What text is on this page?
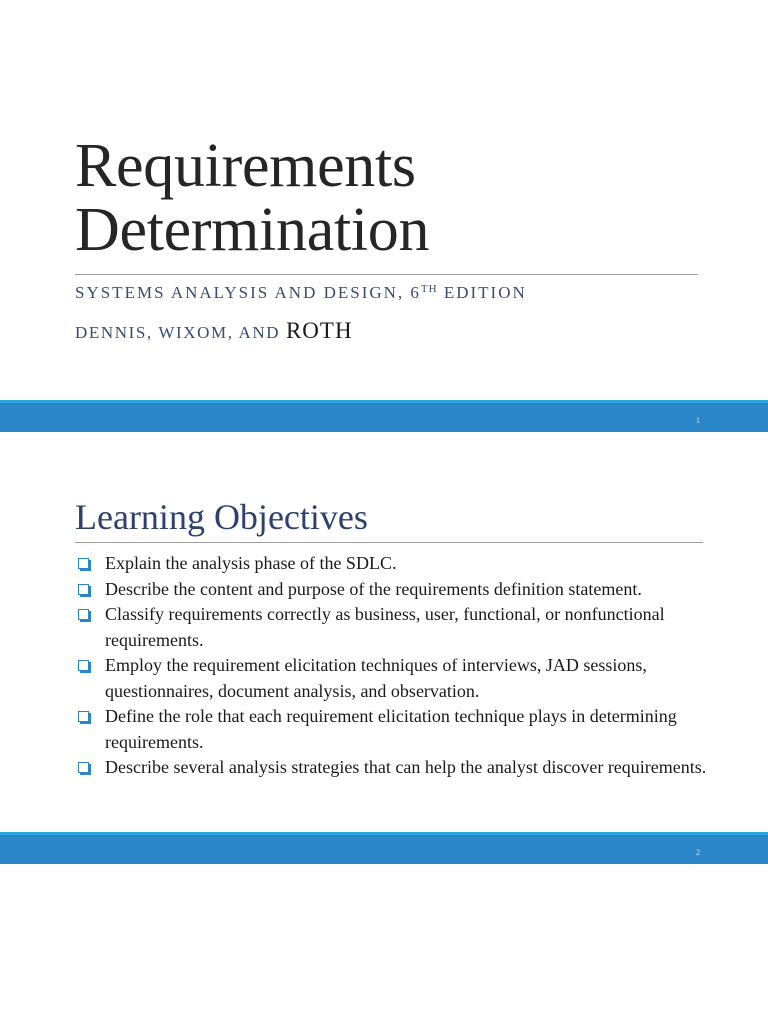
Requirements
Determination
SYSTEMS ANALYSIS AND DESIGN, 6TH EDITION
DENNIS, WIXOM, AND ROTH
1
Learning Objectives
Explain the analysis phase of the SDLC.
Describe the content and purpose of the requirements definition statement.
Classify requirements correctly as business, user, functional, or nonfunctional requirements.
Employ the requirement elicitation techniques of interviews, JAD sessions, questionnaires, document analysis, and observation.
Define the role that each requirement elicitation technique plays in determining requirements.
Describe several analysis strategies that can help the analyst discover requirements.
2
